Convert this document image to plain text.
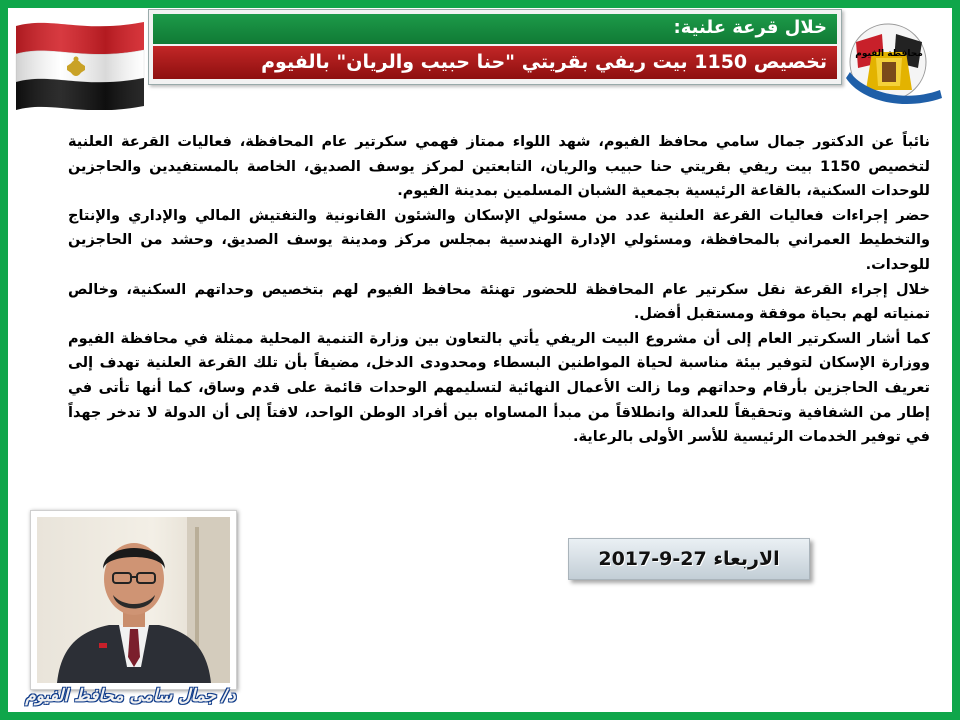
خلال قرعة علنية:
تخصيص 1150 بيت ريفي بقريتي "حنا حبيب والريان" بالفيوم	محافظة الفيوم

نائباً عن الدكتور جمال سامي محافظ الفيوم، شهد اللواء ممتاز فهمي سكرتير عام المحافظة، فعاليات القرعة العلنية لتخصيص 1150 بيت ريفي بقريتي حنا حبيب والريان، التابعتين لمركز يوسف الصديق، الخاصة بالمستفيدين والحاجزين للوحدات السكنية، بالقاعة الرئيسية بجمعية الشبان المسلمين بمدينة الفيوم.

حضر إجراءات فعاليات القرعة العلنية عدد من مسئولي الإسكان والشئون القانونية والتفتيش المالي والإداري والإنتاج والتخطيط العمراني بالمحافظة، ومسئولي الإدارة الهندسية بمجلس مركز ومدينة يوسف الصديق، وحشد من الحاجزين للوحدات.

خلال إجراء القرعة نقل سكرتير عام المحافظة للحضور تهنئة محافظ الفيوم لهم بتخصيص وحداتهم السكنية، وخالص تمنياته لهم بحياة موفقة ومستقبل أفضل.

كما أشار السكرتير العام إلى أن مشروع البيت الريفي يأتي بالتعاون بين وزارة التنمية المحلية ممثلة في محافظة الفيوم ووزارة الإسكان لتوفير بيئة مناسبة لحياة المواطنين البسطاء ومحدودى الدخل، مضيفاً بأن تلك القرعة العلنية تهدف إلى تعريف الحاجزين بأرقام وحداتهم وما زالت الأعمال النهائية لتسليمهم الوحدات قائمة على قدم وساق، كما أنها تأتى في إطار من الشفافية وتحقيقاً للعدالة وانطلاقاً من مبدأ المساواه بين أفراد الوطن الواحد، لافتاً إلى أن الدولة لا تدخر جهداً في توفير الخدمات الرئيسية للأسر الأولى بالرعاية.

الاربعاء 27-9-2017
د/ جمال سامى محافظ الفيوم
